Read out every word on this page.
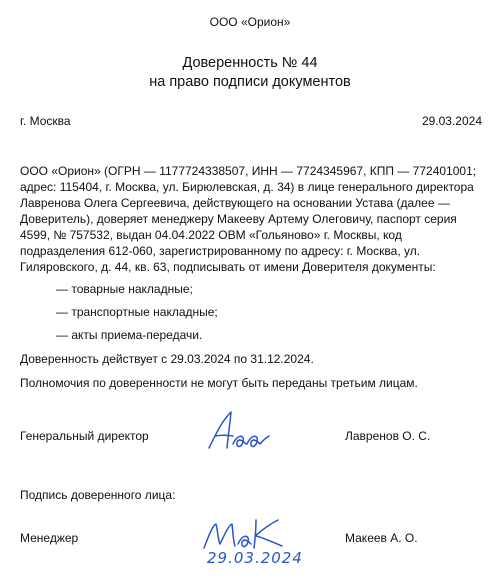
ООО «Орион»
Доверенность № 44
на право подписи документов
г. Москва	29.03.2024

ООО «Орион» (ОГРН — 1177724338507, ИНН — 7724345967, КПП — 772401001; адрес: 115404, г. Москва, ул. Бирюлевская, д. 34) в лице генерального директора Лавренова Олега Сергеевича, действующего на основании Устава (далее — Доверитель), доверяет менеджеру Макееву Артему Олеговичу, паспорт серия 4599, № 757532, выдан 04.04.2022 ОВМ «Гольяново» г. Москвы, код подразделения 612-060, зарегистрированному по адресу: г. Москва, ул. Гиляровского, д. 44, кв. 63, подписывать от имени Доверителя документы:

— товарные накладные;
— транспортные накладные;
— акты приема-передачи.

Доверенность действует с 29.03.2024 по 31.12.2024.

Полномочия по доверенности не могут быть переданы третьим лицам.

Генеральный директор	Лавренов О. С.
Подпись доверенного лица:
Менеджер	Макеев А. О.
29.03.2024
